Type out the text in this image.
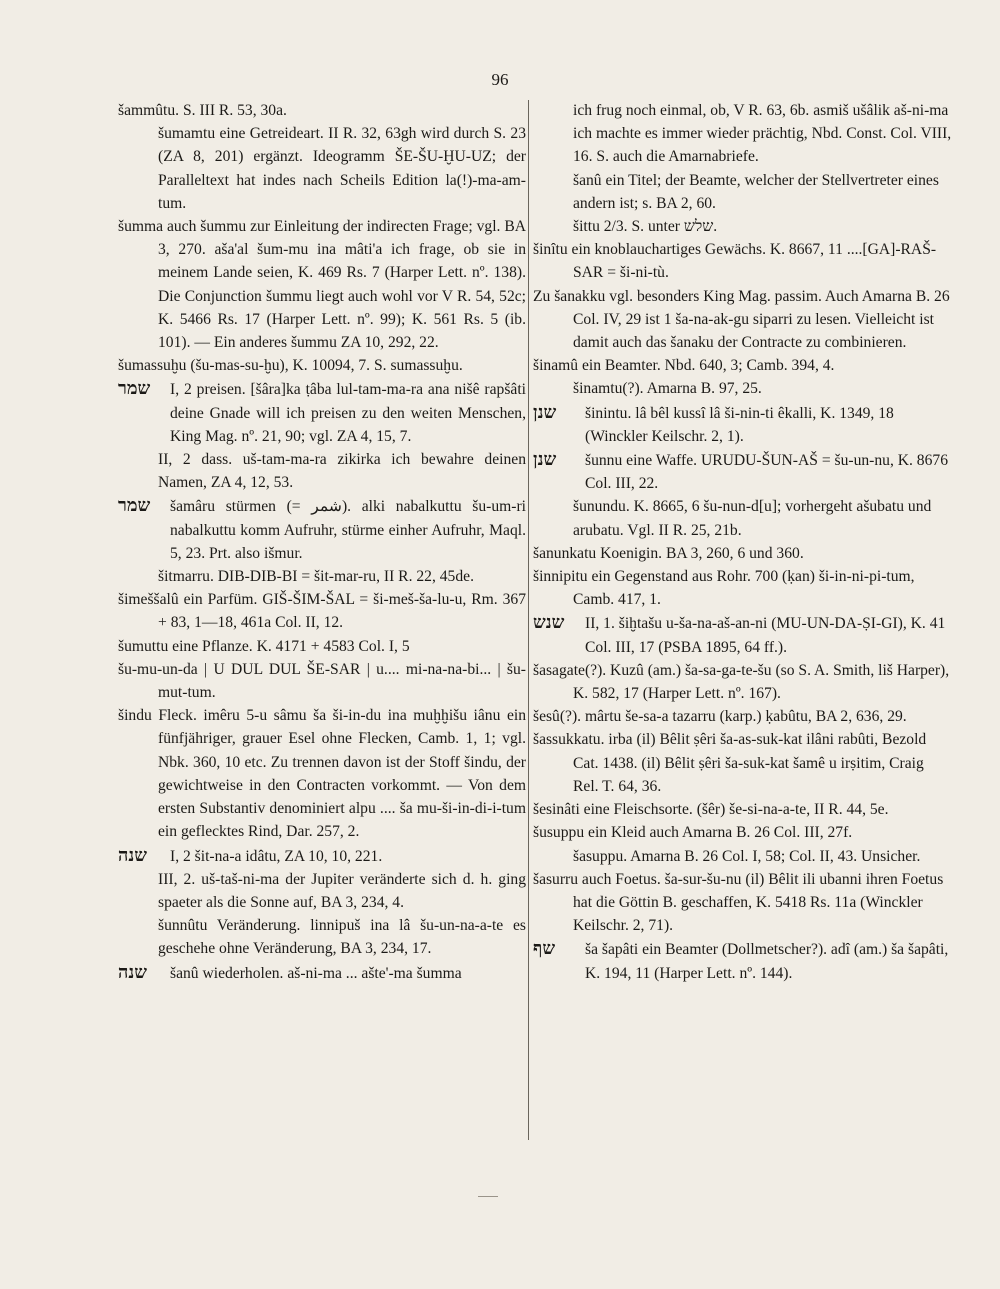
96
šammûtu. S. III R. 53, 30a.
šumamtu eine Getreideart. II R. 32, 63gh wird durch S. 23 (ZA 8, 201) ergänzt. Ideogramm ŠE-ŠU-ḪU-UZ; der Paralleltext hat indes nach Scheils Edition la(!)-ma-am-tum.
šumma auch šummu zur Einleitung der indirecten Frage; vgl. BA 3, 270. aša'al šum-mu ina mâti'a ich frage, ob sie in meinem Lande seien, K. 469 Rs. 7 (Harper Lett. nº. 138). Die Conjunction šummu liegt auch wohl vor V R. 54, 52c; K. 5466 Rs. 17 (Harper Lett. nº. 99); K. 561 Rs. 5 (ib. 101). — Ein anderes šummu ZA 10, 292, 22.
šumassuḫu (šu-mas-su-ḫu), K. 10094, 7. S. sumassuḫu.
שמר I, 2 preisen. [šâra]ka ṭâba lul-tam-ma-ra ana nišê rapšâti deine Gnade will ich preisen zu den weiten Menschen, King Mag. nº. 21, 90; vgl. ZA 4, 15, 7.
II, 2 dass. uš-tam-ma-ra zikirka ich bewahre deinen Namen, ZA 4, 12, 53.
שמר šamâru stürmen (= شمر). alki nabalkuttu šu-um-ri nabalkuttu komm Aufruhr, stürme einher Aufruhr, Maql. 5, 23. Prt. also išmur.
šitmarru. DIB-DIB-BI = šit-mar-ru, II R. 22, 45de.
šimeššalû ein Parfüm. GIŠ-ŠIM-ŠAL = ši-meš-ša-lu-u, Rm. 367 + 83, 1—18, 461a Col. II, 12.
šumuttu eine Pflanze. K. 4171 + 4583 Col. I, 5
šu-mu-un-da | U DUL DUL ŠE-SAR | u.... mi-na-na-bi... | šu-mut-tum.
šindu Fleck. imêru 5-u sâmu ša ši-in-du ina muḫḫišu iânu ein fünfjähriger, grauer Esel ohne Flecken, Camb. 1, 1; vgl. Nbk. 360, 10 etc. Zu trennen davon ist der Stoff šindu, der gewichtweise in den Contracten vorkommt. — Von dem ersten Substantiv denominiert alpu .... ša mu-ši-in-di-i-tum ein geflecktes Rind, Dar. 257, 2.
שנה I, 2 šit-na-a idâtu, ZA 10, 10, 221.
III, 2. uš-taš-ni-ma der Jupiter veränderte sich d. h. ging spaeter als die Sonne auf, BA 3, 234, 4.
šunnûtu Veränderung. linnipuš ina lâ šu-un-na-a-te es geschehe ohne Veränderung, BA 3, 234, 17.
שנה šanû wiederholen. aš-ni-ma ... ašte'-ma šumma
ich frug noch einmal, ob, V R. 63, 6b. asmiš ušâlik aš-ni-ma ich machte es immer wieder prächtig, Nbd. Const. Col. VIII, 16. S. auch die Amarnabriefe.
šanû ein Titel; der Beamte, welcher der Stellvertreter eines andern ist; s. BA 2, 60.
šittu 2/3. S. unter שלש.
šinîtu ein knoblauchartiges Gewächs. K. 8667, 11 ....[GA]-RAŠ-SAR = ši-ni-tù.
Zu šanakku vgl. besonders King Mag. passim. Auch Amarna B. 26 Col. IV, 29 ist 1 ša-na-ak-gu siparri zu lesen. Vielleicht ist damit auch das šanaku der Contracte zu combinieren.
šinamû ein Beamter. Nbd. 640, 3; Camb. 394, 4.
šinamtu(?). Amarna B. 97, 25.
שנן šinintu. lâ bêl kussî lâ ši-nin-ti êkalli, K. 1349, 18 (Winckler Keilschr. 2, 1).
שנן šunnu eine Waffe. URUDU-ŠUN-AŠ = šu-un-nu, K. 8676 Col. III, 22.
šunundu. K. 8665, 6 šu-nun-d[u]; vorhergeht ašubatu und arubatu. Vgl. II R. 25, 21b.
šanunkatu Koenigin. BA 3, 260, 6 und 360.
šinnipitu ein Gegenstand aus Rohr. 700 (ḳan) ši-in-ni-pi-tum, Camb. 417, 1.
שנש II, 1. šiḫtašu u-ša-na-aš-an-ni (MU-UN-DA-ṢI-GI), K. 41 Col. III, 17 (PSBA 1895, 64 ff.).
šasagate(?). Kuzû (am.) ša-sa-ga-te-šu (so S. A. Smith, liš Harper), K. 582, 17 (Harper Lett. nº. 167).
šesû(?). mârtu še-sa-a tazarru (karp.) ḳabûtu, BA 2, 636, 29.
šassukkatu. irba (il) Bêlit ṣêri ša-as-suk-kat ilâni rabûti, Bezold Cat. 1438. (il) Bêlit ṣêri ša-suk-kat šamê u irṣitim, Craig Rel. T. 64, 36.
šesinâti eine Fleischsorte. (šêr) še-si-na-a-te, II R. 44, 5e.
šusuppu ein Kleid auch Amarna B. 26 Col. III, 27f.
šasuppu. Amarna B. 26 Col. I, 58; Col. II, 43. Unsicher.
šasurru auch Foetus. ša-sur-šu-nu (il) Bêlit ili ubanni ihren Foetus hat die Göttin B. geschaffen, K. 5418 Rs. 11a (Winckler Keilschr. 2, 71).
שף ša šapâti ein Beamter (Dollmetscher?). adî (am.) ša šapâti, K. 194, 11 (Harper Lett. nº. 144).
